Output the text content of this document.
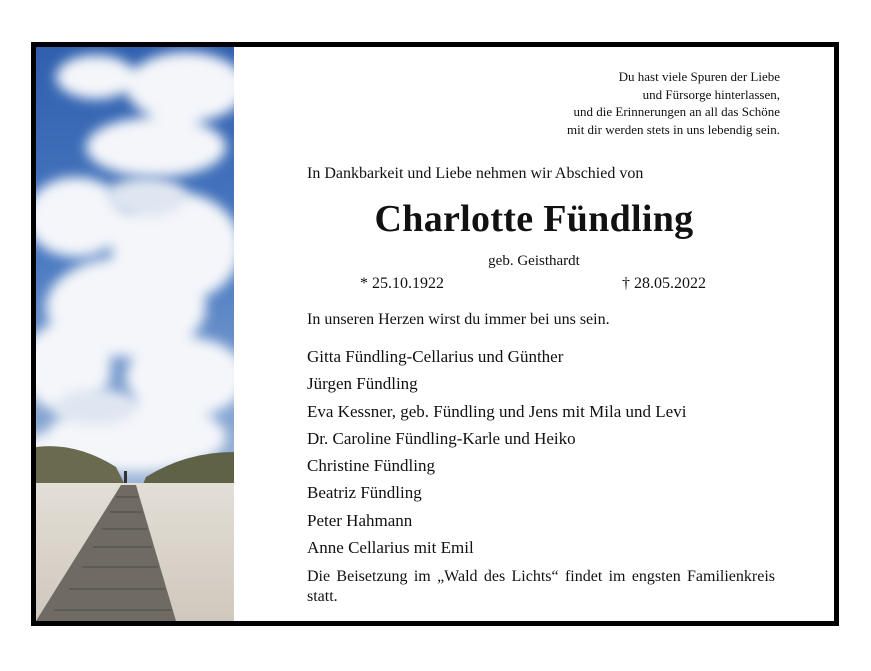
Du hast viele Spuren der Liebe
und Fürsorge hinterlassen,
und die Erinnerungen an all das Schöne
mit dir werden stets in uns lebendig sein.
In Dankbarkeit und Liebe nehmen wir Abschied von
Charlotte Fündling
geb. Geisthardt
* 25.10.1922	† 28.05.2022
In unseren Herzen wirst du immer bei uns sein.
Gitta Fündling-Cellarius und Günther
Jürgen Fündling
Eva Kessner, geb. Fündling und Jens mit Mila und Levi
Dr. Caroline Fündling-Karle und Heiko
Christine Fündling
Beatriz Fündling
Peter Hahmann
Anne Cellarius mit Emil
Die Beisetzung im „Wald des Lichts“ findet im engsten Familienkreis statt.
